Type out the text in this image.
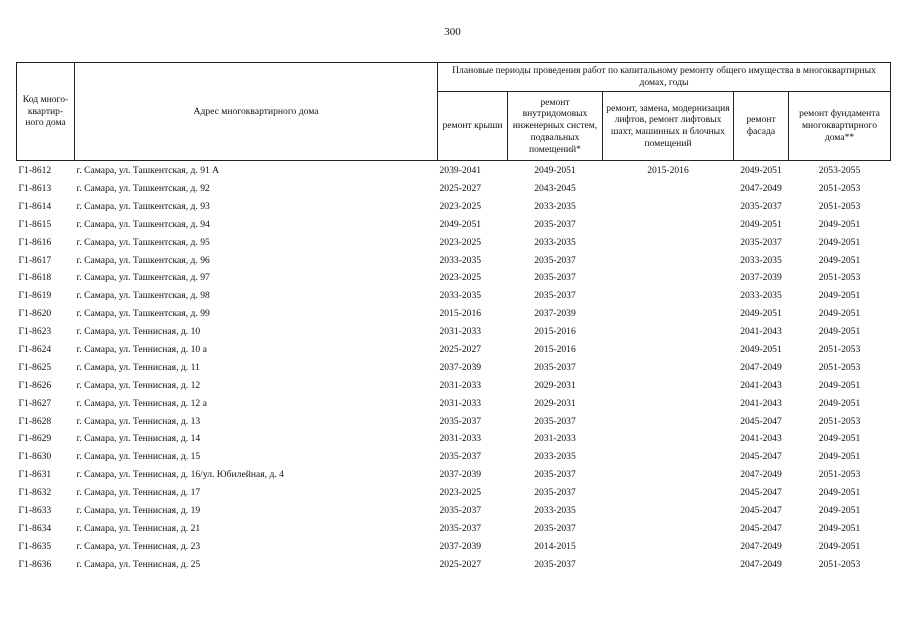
300
Код много-квартир-ного дома	Адрес многоквартирного дома	Плановые периоды проведения работ по капитальному ремонту общего имущества в многоквартирных домах, годы				
		ремонт крыши	ремонт внутридомовых инженерных систем, подвальных помещений*	ремонт, замена, модернизация лифтов, ремонт лифтовых шахт, машинных и блочных помещений	ремонт фасада	ремонт фундамента многоквартирного дома**
Г1-8612	г. Самара, ул. Ташкентская, д. 91 А	2039-2041	2049-2051	2015-2016	2049-2051	2053-2055
Г1-8613	г. Самара, ул. Ташкентская, д. 92	2025-2027	2043-2045		2047-2049	2051-2053
Г1-8614	г. Самара, ул. Ташкентская, д. 93	2023-2025	2033-2035		2035-2037	2051-2053
Г1-8615	г. Самара, ул. Ташкентская, д. 94	2049-2051	2035-2037		2049-2051	2049-2051
Г1-8616	г. Самара, ул. Ташкентская, д. 95	2023-2025	2033-2035		2035-2037	2049-2051
Г1-8617	г. Самара, ул. Ташкентская, д. 96	2033-2035	2035-2037		2033-2035	2049-2051
Г1-8618	г. Самара, ул. Ташкентская, д. 97	2023-2025	2035-2037		2037-2039	2051-2053
Г1-8619	г. Самара, ул. Ташкентская, д. 98	2033-2035	2035-2037		2033-2035	2049-2051
Г1-8620	г. Самара, ул. Ташкентская, д. 99	2015-2016	2037-2039		2049-2051	2049-2051
Г1-8623	г. Самара, ул. Теннисная, д. 10	2031-2033	2015-2016		2041-2043	2049-2051
Г1-8624	г. Самара, ул. Теннисная, д. 10 а	2025-2027	2015-2016		2049-2051	2051-2053
Г1-8625	г. Самара, ул. Теннисная, д. 11	2037-2039	2035-2037		2047-2049	2051-2053
Г1-8626	г. Самара, ул. Теннисная, д. 12	2031-2033	2029-2031		2041-2043	2049-2051
Г1-8627	г. Самара, ул. Теннисная, д. 12 а	2031-2033	2029-2031		2041-2043	2049-2051
Г1-8628	г. Самара, ул. Теннисная, д. 13	2035-2037	2035-2037		2045-2047	2051-2053
Г1-8629	г. Самара, ул. Теннисная, д. 14	2031-2033	2031-2033		2041-2043	2049-2051
Г1-8630	г. Самара, ул. Теннисная, д. 15	2035-2037	2033-2035		2045-2047	2049-2051
Г1-8631	г. Самара, ул. Теннисная, д. 16/ул. Юбилейная, д. 4	2037-2039	2035-2037		2047-2049	2051-2053
Г1-8632	г. Самара, ул. Теннисная, д. 17	2023-2025	2035-2037		2045-2047	2049-2051
Г1-8633	г. Самара, ул. Теннисная, д. 19	2035-2037	2033-2035		2045-2047	2049-2051
Г1-8634	г. Самара, ул. Теннисная, д. 21	2035-2037	2035-2037		2045-2047	2049-2051
Г1-8635	г. Самара, ул. Теннисная, д. 23	2037-2039	2014-2015		2047-2049	2049-2051
Г1-8636	г. Самара, ул. Теннисная, д. 25	2025-2027	2035-2037		2047-2049	2051-2053
